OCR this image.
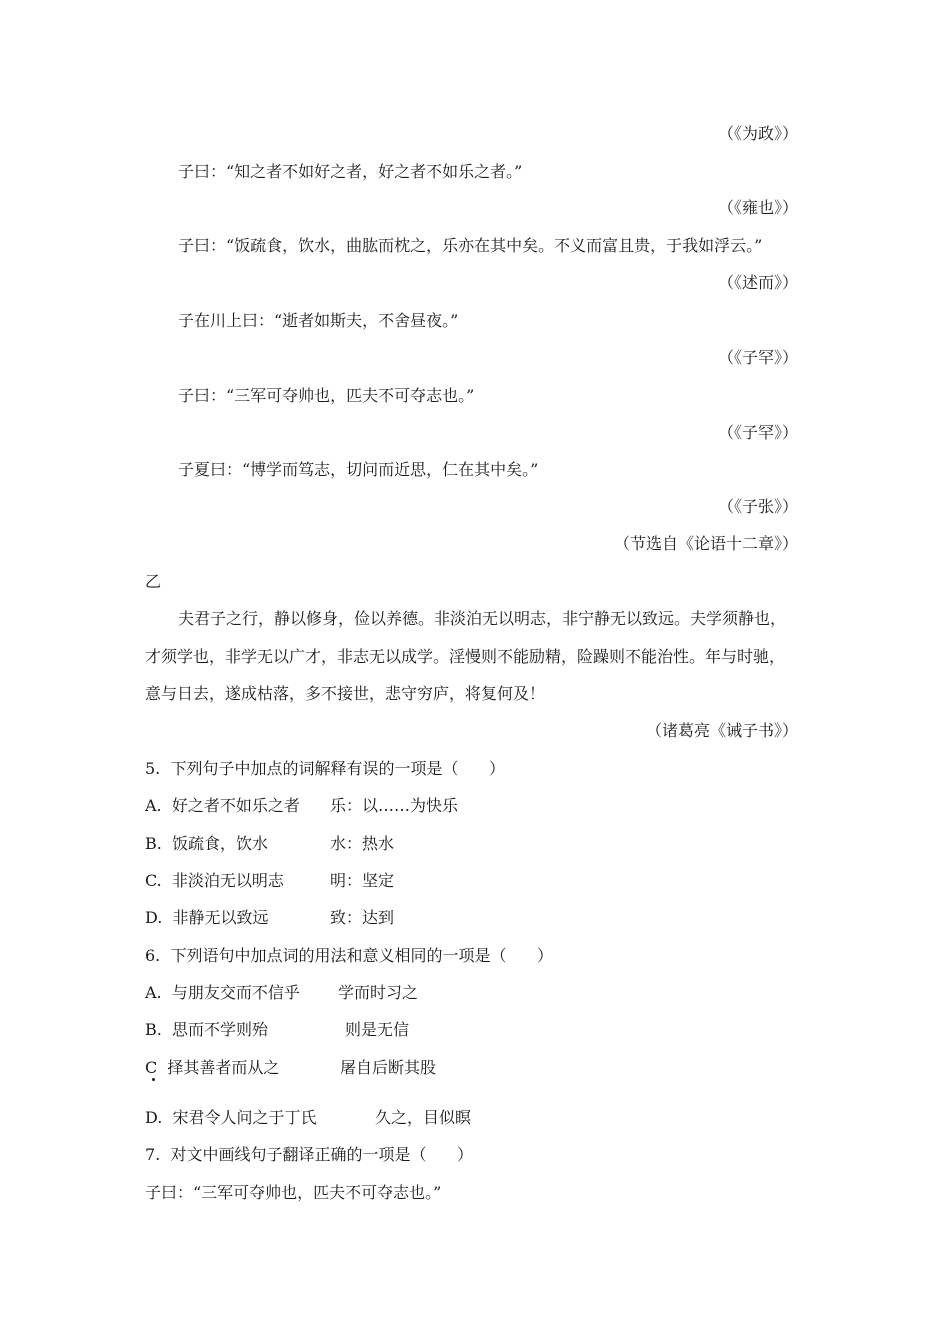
（《为政》）
子曰：“知之者不如好之者，好之者不如乐之者。”
（《雍也》）
子曰：“饭疏食，饮水，曲肱而枕之，乐亦在其中矣。不义而富且贵，于我如浮云。”
（《述而》）
子在川上曰：“逝者如斯夫，不舍昼夜。”
（《子罕》）
子曰：“三军可夺帅也，匹夫不可夺志也。”
（《子罕》）
子夏曰：“博学而笃志，切问而近思，仁在其中矣。”
（《子张》）
（节选自《论语十二章》）
乙
夫君子之行，静以修身，俭以养德。非淡泊无以明志，非宁静无以致远。夫学须静也，
才须学也，非学无以广才，非志无以成学。淫慢则不能励精，险躁则不能治性。年与时驰，
意与日去，遂成枯落，多不接世，悲守穷庐，将复何及！
（诸葛亮《诫子书》）
5.  下列句子中加点的词解释有误的一项是（      ）
A.  好之者不如乐之者 乐：以……为快乐
B.  饭疏食，饮水	水：热水
C.  非淡泊无以明志	明：坚定
D.  非静无以致远	致：达到
6.  下列语句中加点词的用法和意义相同的一项是（      ）
A.  与朋友交而不信乎 学而时习之
B.  思而不学则殆	则是无信
C  择其善者而从之	屠自后断其股
D.  宋君令人问之于丁氏	久之，目似瞑
7.  对文中画线句子翻译正确的一项是（      ）
子曰：“三军可夺帅也，匹夫不可夺志也。”
